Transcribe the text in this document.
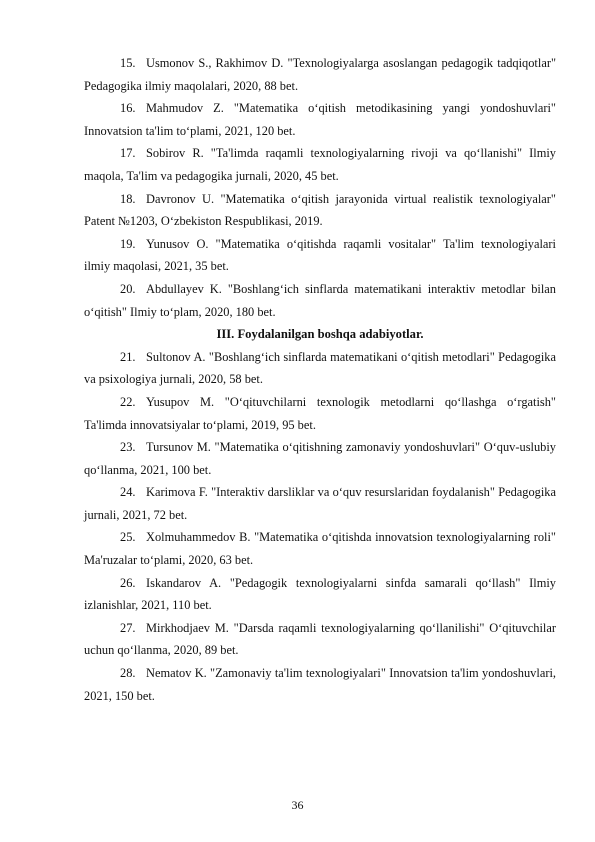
15. Usmonov S., Rakhimov D. "Texnologiyalarga asoslangan pedagogik tadqiqotlar" Pedagogika ilmiy maqolalari, 2020, 88 bet.

16. Mahmudov Z. "Matematika o‘qitish metodikasining yangi yondoshuvlari" Innovatsion ta'lim to‘plami, 2021, 120 bet.

17. Sobirov R. "Ta'limda raqamli texnologiyalarning rivoji va qo‘llanishi" Ilmiy maqola, Ta'lim va pedagogika jurnali, 2020, 45 bet.

18. Davronov U. "Matematika o‘qitish jarayonida virtual realistik texnologiyalar" Patent №1203, O‘zbekiston Respublikasi, 2019.

19. Yunusov O. "Matematika o‘qitishda raqamli vositalar" Ta'lim texnologiyalari ilmiy maqolasi, 2021, 35 bet.

20. Abdullayev K. "Boshlang‘ich sinflarda matematikani interaktiv metodlar bilan o‘qitish" Ilmiy to‘plam, 2020, 180 bet.

III. Foydalanilgan boshqa adabiyotlar.

21. Sultonov A. "Boshlang‘ich sinflarda matematikani o‘qitish metodlari" Pedagogika va psixologiya jurnali, 2020, 58 bet.

22. Yusupov M. "O‘qituvchilarni texnologik metodlarni qo‘llashga o‘rgatish" Ta'limda innovatsiyalar to‘plami, 2019, 95 bet.

23. Tursunov M. "Matematika o‘qitishning zamonaviy yondoshuvlari" O‘quv-uslubiy qo‘llanma, 2021, 100 bet.

24. Karimova F. "Interaktiv darsliklar va o‘quv resurslaridan foydalanish" Pedagogika jurnali, 2021, 72 bet.

25. Xolmuhammedov B. "Matematika o‘qitishda innovatsion texnologiyalarning roli" Ma'ruzalar to‘plami, 2020, 63 bet.

26. Iskandarov A. "Pedagogik texnologiyalarni sinfda samarali qo‘llash" Ilmiy izlanishlar, 2021, 110 bet.

27. Mirkhodjaev M. "Darsda raqamli texnologiyalarning qo‘llanilishi" O‘qituvchilar uchun qo‘llanma, 2020, 89 bet.

28. Nematov K. "Zamonaviy ta'lim texnologiyalari" Innovatsion ta'lim yondoshuvlari, 2021, 150 bet.

36
